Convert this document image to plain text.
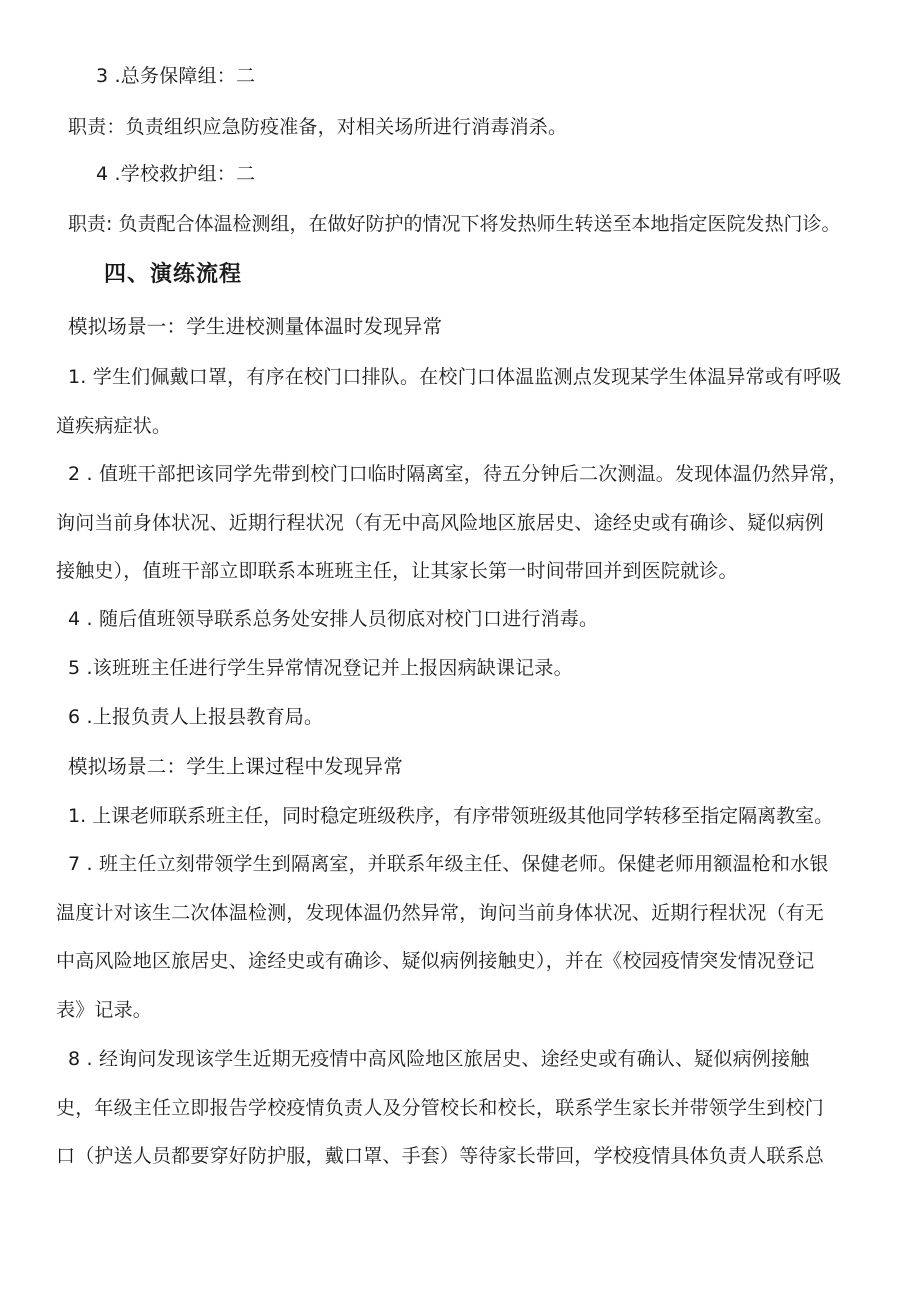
3 .总务保障组：二
职责：负责组织应急防疫准备，对相关场所进行消毒消杀。
4 .学校救护组：二
职责: 负责配合体温检测组，在做好防护的情况下将发热师生转送至本地指定医院发热门诊。
四、演练流程
模拟场景一：学生进校测量体温时发现异常
1. 学生们佩戴口罩，有序在校门口排队。在校门口体温监测点发现某学生体温异常或有呼吸
道疾病症状。
2 . 值班干部把该同学先带到校门口临时隔离室，待五分钟后二次测温。发现体温仍然异常，
询问当前身体状况、近期行程状况（有无中高风险地区旅居史、途经史或有确诊、疑似病例
接触史），值班干部立即联系本班班主任，让其家长第一时间带回并到医院就诊。
4 . 随后值班领导联系总务处安排人员彻底对校门口进行消毒。
5 .该班班主任进行学生异常情况登记并上报因病缺课记录。
6 .上报负责人上报县教育局。
模拟场景二：学生上课过程中发现异常
1. 上课老师联系班主任，同时稳定班级秩序，有序带领班级其他同学转移至指定隔离教室。
7 . 班主任立刻带领学生到隔离室，并联系年级主任、保健老师。保健老师用额温枪和水银
温度计对该生二次体温检测，发现体温仍然异常，询问当前身体状况、近期行程状况（有无
中高风险地区旅居史、途经史或有确诊、疑似病例接触史），并在《校园疫情突发情况登记
表》记录。
8 . 经询问发现该学生近期无疫情中高风险地区旅居史、途经史或有确认、疑似病例接触
史，年级主任立即报告学校疫情负责人及分管校长和校长，联系学生家长并带领学生到校门
口（护送人员都要穿好防护服，戴口罩、手套）等待家长带回，学校疫情具体负责人联系总
